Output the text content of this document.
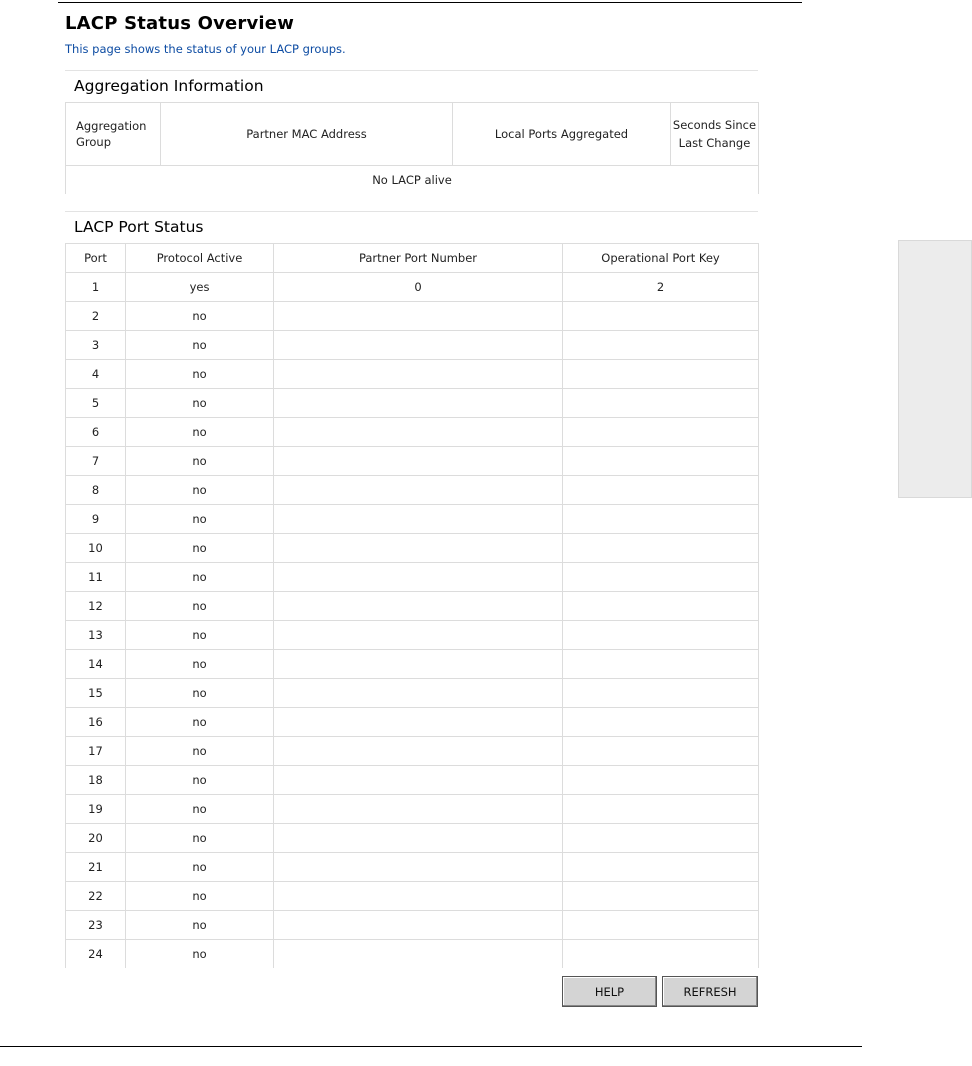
LACP Status Overview
This page shows the status of your LACP groups.
Aggregation Information
Aggregation Group	Partner MAC Address	Local Ports Aggregated	Seconds Since Last Change
No LACP alive
LACP Port Status
Port	Protocol Active	Partner Port Number	Operational Port Key
1	yes	0	2
2	no		
3	no		
4	no		
5	no		
6	no		
7	no		
8	no		
9	no		
10	no		
11	no		
12	no		
13	no		
14	no		
15	no		
16	no		
17	no		
18	no		
19	no		
20	no		
21	no		
22	no		
23	no		
24	no		
HELP	REFRESH
